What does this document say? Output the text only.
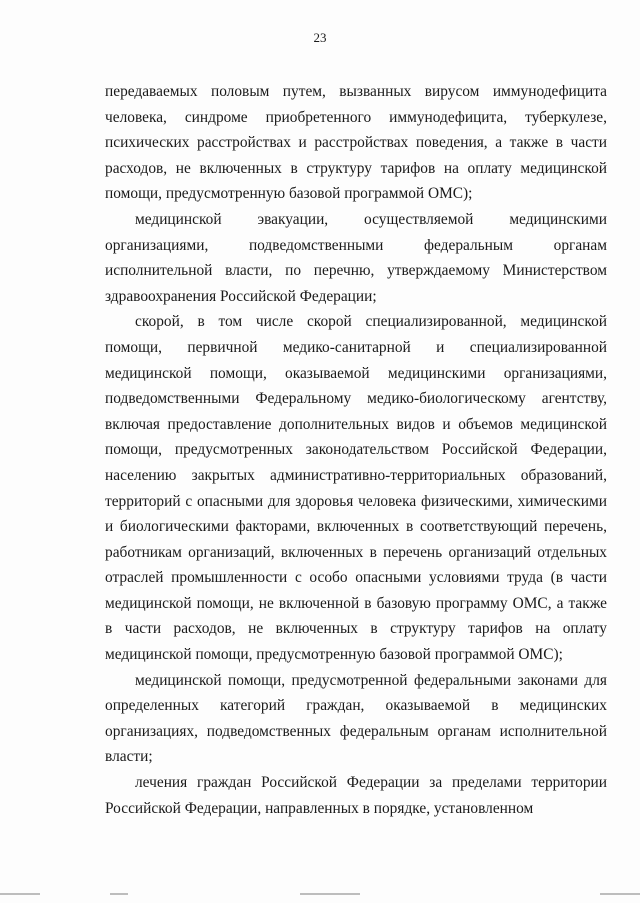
23

передаваемых половым путем, вызванных вирусом иммунодефицита человека, синдроме приобретенного иммунодефицита, туберкулезе, психических расстройствах и расстройствах поведения, а также в части расходов, не включенных в структуру тарифов на оплату медицинской помощи, предусмотренную базовой программой ОМС);

медицинской эвакуации, осуществляемой медицинскими организациями, подведомственными федеральным органам исполнительной власти, по перечню, утверждаемому Министерством здравоохранения Российской Федерации;

скорой, в том числе скорой специализированной, медицинской помощи, первичной медико-санитарной и специализированной медицинской помощи, оказываемой медицинскими организациями, подведомственными Федеральному медико-биологическому агентству, включая предоставление дополнительных видов и объемов медицинской помощи, предусмотренных законодательством Российской Федерации, населению закрытых административно-территориальных образований, территорий с опасными для здоровья человека физическими, химическими и биологическими факторами, включенных в соответствующий перечень, работникам организаций, включенных в перечень организаций отдельных отраслей промышленности с особо опасными условиями труда (в части медицинской помощи, не включенной в базовую программу ОМС, а также в части расходов, не включенных в структуру тарифов на оплату медицинской помощи, предусмотренную базовой программой ОМС);

медицинской помощи, предусмотренной федеральными законами для определенных категорий граждан, оказываемой в медицинских организациях, подведомственных федеральным органам исполнительной власти;

лечения граждан Российской Федерации за пределами территории Российской Федерации, направленных в порядке, установленном
